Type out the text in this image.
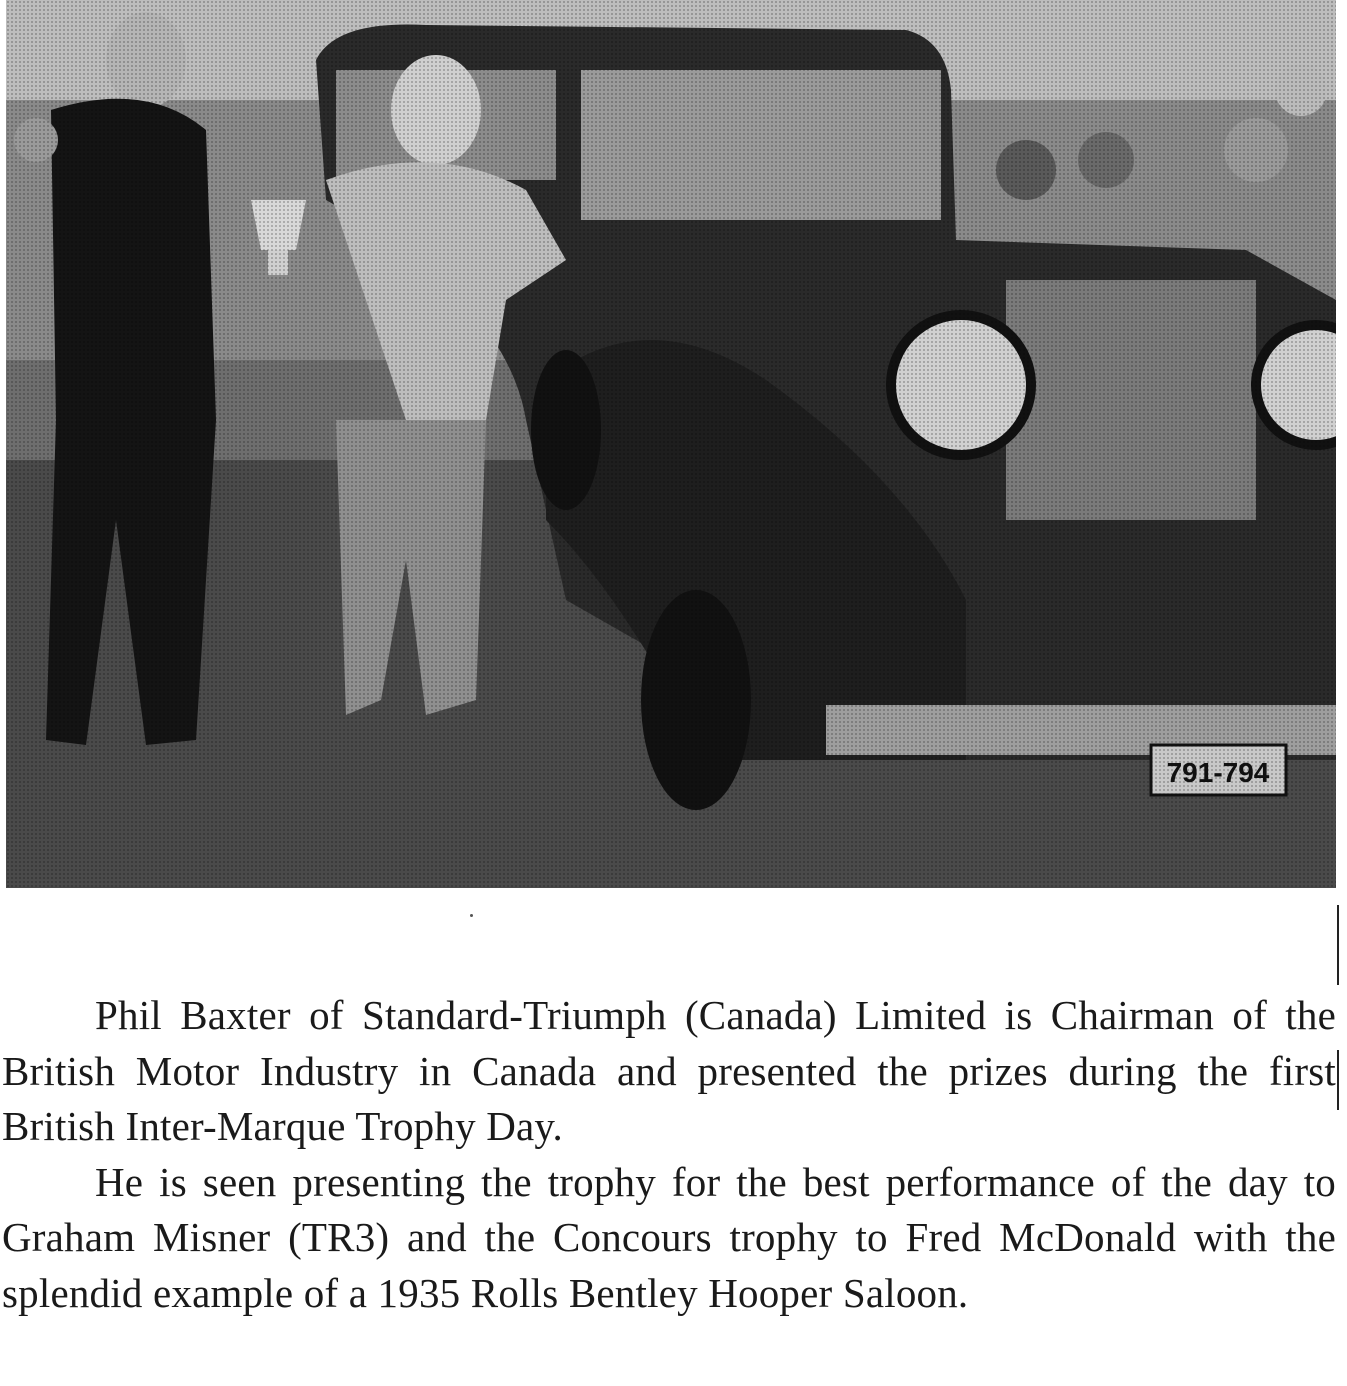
Phil Baxter of Standard-Triumph (Canada) Limited is Chairman of the British Motor Industry in Canada and presented the prizes during the first British Inter-Marque Trophy Day.

He is seen presenting the trophy for the best performance of the day to Graham Misner (TR3) and the Concours trophy to Fred McDonald with the splendid example of a 1935 Rolls Bentley Hooper Saloon.
